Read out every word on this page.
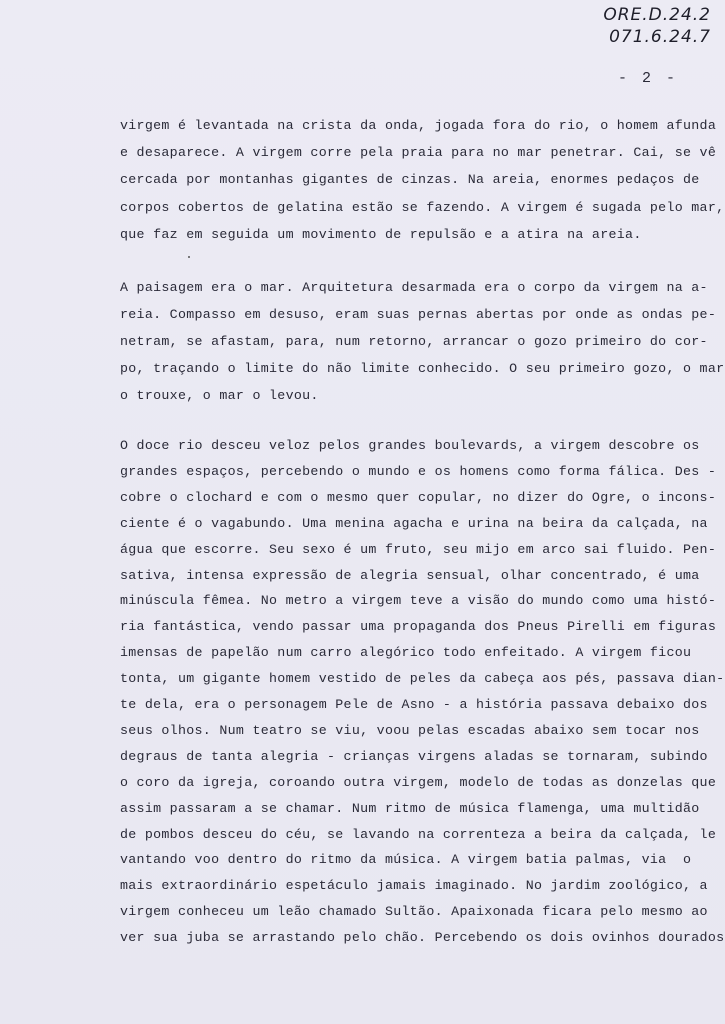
ORE.D.24.2
071.6.24.7
- 2 -
virgem é levantada na crista da onda, jogada fora do rio, o homem afunda
e desaparece. A virgem corre pela praia para no mar penetrar. Cai, se vê
cercada por montanhas gigantes de cinzas. Na areia, enormes pedaços de
corpos cobertos de gelatina estão se fazendo. A virgem é sugada pelo mar,
que faz em seguida um movimento de repulsão e a atira na areia.
A paisagem era o mar. Arquitetura desarmada era o corpo da virgem na a-
reia. Compasso em desuso, eram suas pernas abertas por onde as ondas pe-
netram, se afastam, para, num retorno, arrancar o gozo primeiro do cor-
po, traçando o limite do não limite conhecido. O seu primeiro gozo, o mar
o trouxe, o mar o levou.
O doce rio desceu veloz pelos grandes boulevards, a virgem descobre os
grandes espaços, percebendo o mundo e os homens como forma fálica. Des -
cobre o clochard e com o mesmo quer copular, no dizer do Ogre, o incons-
ciente é o vagabundo. Uma menina agacha e urina na beira da calçada, na
água que escorre. Seu sexo é um fruto, seu mijo em arco sai fluido. Pen-
sativa, intensa expressão de alegria sensual, olhar concentrado, é uma
minúscula fêmea. No metro a virgem teve a visão do mundo como uma histó-
ria fantástica, vendo passar uma propaganda dos Pneus Pirelli em figuras
imensas de papelão num carro alegórico todo enfeitado. A virgem ficou
tonta, um gigante homem vestido de peles da cabeça aos pés, passava dian-
te dela, era o personagem Pele de Asno - a história passava debaixo dos
seus olhos. Num teatro se viu, voou pelas escadas abaixo sem tocar nos
degraus de tanta alegria - crianças virgens aladas se tornaram, subindo
o coro da igreja, coroando outra virgem, modelo de todas as donzelas que
assim passaram a se chamar. Num ritmo de música flamenga, uma multidão
de pombos desceu do céu, se lavando na correnteza a beira da calçada, le
vantando voo dentro do ritmo da música. A virgem batia palmas, via  o
mais extraordinário espetáculo jamais imaginado. No jardim zoológico, a
virgem conheceu um leão chamado Sultão. Apaixonada ficara pelo mesmo ao
ver sua juba se arrastando pelo chão. Percebendo os dois ovinhos dourados
